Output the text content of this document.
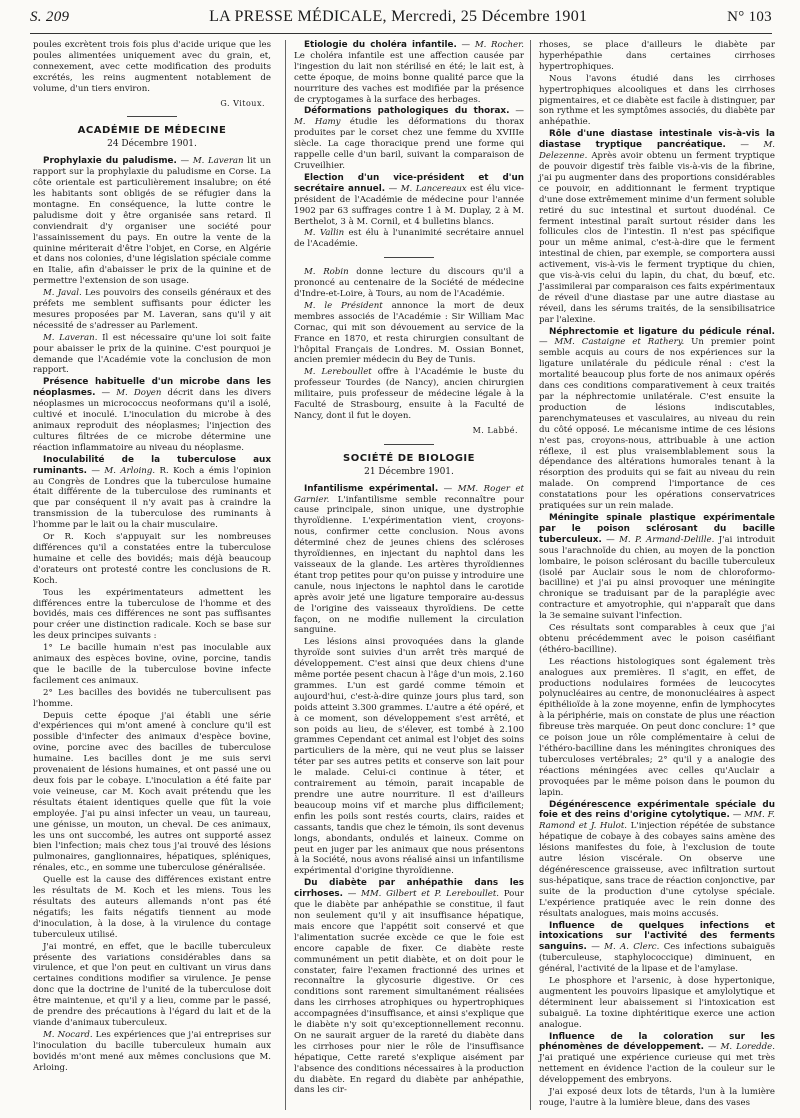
S. 209	LA PRESSE MÉDICALE, Mercredi, 25 Décembre 1901	N° 103

poules excrètent trois fois plus d'acide urique que les poules alimentées uniquement avec du grain, et, connexement, avec cette modification des produits excrétés, les reins augmentent notablement de volume, d'un tiers environ.

G. Vitoux.
ACADÉMIE DE MÉDECINE
24 Décembre 1901.

Prophylaxie du paludisme. — M. Laveran lit un rapport sur la prophylaxie du paludisme en Corse. La côte orientale est particulièrement insalubre; on été les habitants sont obligés de se réfugier dans la montagne. En conséquence, la lutte contre le paludisme doit y être organisée sans retard. Il conviendrait d'y organiser une société pour l'assainissement du pays. En outre la vente de la quinine mériterait d'être l'objet, en Corse, en Algérie et dans nos colonies, d'une législation spéciale comme en Italie, afin d'abaisser le prix de la quinine et de permettre l'extension de son usage.

M. Javal. Les pouvoirs des conseils généraux et des préfets me semblent suffisants pour édicter les mesures proposées par M. Laveran, sans qu'il y ait nécessité de s'adresser au Parlement.

M. Laveran. Il est nécessaire qu'une loi soit faite pour abaisser le prix de la quinine. C'est pourquoi je demande que l'Académie vote la conclusion de mon rapport.

Présence habituelle d'un microbe dans les néoplasmes. — M. Doyen décrit dans les divers néoplasmes un micrococcus neoformans qu'il a isolé, cultivé et inoculé. L'inoculation du microbe à des animaux reproduit des néoplasmes; l'injection des cultures filtrées de ce microbe détermine une réaction inflammatoire au niveau du néoplasme.

Inoculabilité de la tuberculose aux ruminants. — M. Arloing. R. Koch a émis l'opinion au Congrès de Londres que la tuberculose humaine était différente de la tuberculose des ruminants et que par conséquent il n'y avait pas à craindre la transmission de la tuberculose des ruminants à l'homme par le lait ou la chair musculaire.

Or R. Koch s'appuyait sur les nombreuses différences qu'il a constatées entre la tuberculose humaine et celle des bovidés; mais déjà beaucoup d'orateurs ont protesté contre les conclusions de R. Koch.

Tous les expérimentateurs admettent les différences entre la tuberculose de l'homme et des bovidés, mais ces différences ne sont pas suffisantes pour créer une distinction radicale. Koch se base sur les deux principes suivants :

1° Le bacille humain n'est pas inoculable aux animaux des espèces bovine, ovine, porcine, tandis que le bacille de la tuberculose bovine infecte facilement ces animaux.

2° Les bacilles des bovidés ne tuberculisent pas l'homme.

Depuis cette époque j'ai établi une série d'expériences qui m'ont amené à conclure qu'il est possible d'infecter des animaux d'espèce bovine, ovine, porcine avec des bacilles de tuberculose humaine. Les bacilles dont je me suis servi provenaient de lésions humaines, et ont passé une ou deux fois par le cobaye. L'inoculation a été faite par voie veineuse, car M. Koch avait prétendu que les résultats étaient identiques quelle que fût la voie employée. J'ai pu ainsi infecter un veau, un taureau, une génisse, un mouton, un cheval. De ces animaux, les uns ont succombé, les autres ont supporté assez bien l'infection; mais chez tous j'ai trouvé des lésions pulmonaires, ganglionnaires, hépatiques, spléniques, rénales, etc., en somme une tuberculose généralisée.

Quelle est la cause des différences existant entre les résultats de M. Koch et les miens. Tous les résultats des auteurs allemands n'ont pas été négatifs; les faits négatifs tiennent au mode d'inoculation, à la dose, à la virulence du contage tuberculeux utilisé.

J'ai montré, en effet, que le bacille tuberculeux présente des variations considérables dans sa virulence, et que l'on peut en cultivant un virus dans certaines conditions modifier sa virulence. Je pense donc que la doctrine de l'unité de la tuberculose doit être maintenue, et qu'il y a lieu, comme par le passé, de prendre des précautions à l'égard du lait et de la viande d'animaux tuberculeux.

M. Nocard. Les expériences que j'ai entreprises sur l'inoculation du bacille tuberculeux humain aux bovidés m'ont mené aux mêmes conclusions que M. Arloing.

Etiologie du choléra infantile. — M. Rocher. Le choléra infantile est une affection causée par l'ingestion du lait non stérilisé en été; le lait est, à cette époque, de moins bonne qualité parce que la nourriture des vaches est modifiée par la présence de cryptogames à la surface des herbages.

Déformations pathologiques du thorax. — M. Hamy étudie les déformations du thorax produites par le corset chez une femme du XVIIIe siècle. La cage thoracique prend une forme qui rappelle celle d'un baril, suivant la comparaison de Cruveilhier.

Election d'un vice-président et d'un secrétaire annuel. — M. Lancereaux est élu vice-président de l'Académie de médecine pour l'année 1902 par 63 suffrages contre 1 à M. Duplay, 2 à M. Berthelot, 3 à M. Cornil, et 4 bulletins blancs.

M. Vallin est élu à l'unanimité secrétaire annuel de l'Académie.

M. Robin donne lecture du discours qu'il a prononcé au centenaire de la Société de médecine d'Indre-et-Loire, à Tours, au nom de l'Académie.

M. le Président annonce la mort de deux membres associés de l'Académie : Sir William Mac Cornac, qui mit son dévouement au service de la France en 1870, et resta chirurgien consultant de l'hôpital Français de Londres. M. Ossian Bonnet, ancien premier médecin du Bey de Tunis.

M. Lereboullet offre à l'Académie le buste du professeur Tourdes (de Nancy), ancien chirurgien militaire, puis professeur de médecine légale à la Faculté de Strasbourg, ensuite à la Faculté de Nancy, dont il fut le doyen.

M. Labbé.
SOCIÉTÉ DE BIOLOGIE
21 Décembre 1901.

Infantilisme expérimental. — MM. Roger et Garnier. L'infantilisme semble reconnaître pour cause principale, sinon unique, une dystrophie thyroïdienne. L'expérimentation vient, croyons-nous, confirmer cette conclusion. Nous avons déterminé chez de jeunes chiens des scléroses thyroïdiennes, en injectant du naphtol dans les vaisseaux de la glande. Les artères thyroïdiennes étant trop petites pour qu'on puisse y introduire une canule, nous injectons le naphtol dans le carotide après avoir jeté une ligature temporaire au-dessus de l'origine des vaisseaux thyroïdiens. De cette façon, on ne modifie nullement la circulation sanguine.

Les lésions ainsi provoquées dans la glande thyroïde sont suivies d'un arrêt très marqué de développement. C'est ainsi que deux chiens d'une même portée pesent chacun à l'âge d'un mois, 2.160 grammes. L'un est gardé comme témoin et aujourd'hui, c'est-à-dire quinze jours plus tard, son poids atteint 3.300 grammes. L'autre a été opéré, et à ce moment, son développement s'est arrêté, et son poids au lieu, de s'élever, est tombé à 2.100 grammes Cependant cet animal est l'objet des soins particuliers de la mère, qui ne veut plus se laisser téter par ses autres petits et conserve son lait pour le malade. Celui-ci continue à téter, et contrairement au témoin, parait incapable de prendre une autre nourriture. Il est d'ailleurs beaucoup moins vif et marche plus difficilement; enfin les poils sont restés courts, clairs, raides et cassants, tandis que chez le témoin, ils sont devenus longs, abondants, ondulés et laineux. Comme on peut en juger par les animaux que nous présentons à la Société, nous avons réalisé ainsi un infantilisme expérimental d'origine thyroïdienne.

Du diabète par anhépathie dans les cirrhoses. — MM. Gilbert et P. Lereboullet. Pour que le diabète par anhépathie se constitue, il faut non seulement qu'il y ait insuffisance hépatique, mais encore que l'appétit soit conservé et que l'alimentation sucrée excède ce que le foie est encore capable de fixer. Ce diabète reste communément un petit diabète, et on doit pour le constater, faire l'examen fractionné des urines et reconnaître la glycosurie digestive. Or ces conditions sont rarement simultanément réalisées dans les cirrhoses atrophiques ou hypertrophiques accompagnées d'insuffisance, et ainsi s'explique que le diabète n'y soit qu'exceptionnellement reconnu. On ne saurait arguer de la rareté du diabète dans les cirrhoses pour nier le rôle de l'insuffisance hépatique, Cette rareté s'explique aisément par l'absence des conditions nécessaires à la production du diabète. En regard du diabète par anhépathie, dans les cir-

rhoses, se place d'ailleurs le diabète par hyperhépathie dans certaines cirrhoses hypertrophiques.

Nous l'avons étudié dans les cirrhoses hypertrophiques alcooliques et dans les cirrhoses pigmentaires, et ce diabète est facile à distinguer, par son rythme et les symptômes associés, du diabète par anhépathie.

Rôle d'une diastase intestinale vis-à-vis la diastase tryptique pancréatique. — M. Delezenne. Après avoir obtenu un ferment tryptique de pouvoir digestif très faible vis-à-vis de la fibrine, j'ai pu augmenter dans des proportions considérables ce pouvoir, en additionnant le ferment tryptique d'une dose extrêmement minime d'un ferment soluble retiré du suc intestinal et surtout duodénal. Ce ferment intestinal paraît surtout résider dans les follicules clos de l'intestin. Il n'est pas spécifique pour un même animal, c'est-à-dire que le ferment intestinal de chien, par exemple, se comportera aussi activement, vis-à-vis le ferment tryptique du chien, que vis-à-vis celui du lapin, du chat, du bœuf, etc. J'assimilerai par comparaison ces faits expérimentaux de réveil d'une diastase par une autre diastase au réveil, dans les sérums traités, de la sensibilisatrice par l'alexine.

Néphrectomie et ligature du pédicule rénal. — MM. Castaigne et Rathery. Un premier point semble acquis au cours de nos expériences sur la ligature unilatérale du pédicule rénal : c'est la mortalité beaucoup plus forte de nos animaux opérés dans ces conditions comparativement à ceux traités par la néphrectomie unilatérale. C'est ensuite la production de lésions indiscutables, parenchymateuses et vasculaires, au niveau du rein du côté opposé. Le mécanisme intime de ces lésions n'est pas, croyons-nous, attribuable à une action réflexe, il est plus vraisemblablement sous la dépendance des altérations humorales tenant à la résorption des produits qui se fait au niveau du rein malade. On comprend l'importance de ces constatations pour les opérations conservatrices pratiquées sur un rein malade.

Méningite spinale plastique expérimentale par le poison sclérosant du bacille tuberculeux. — M. P. Armand-Delille. J'ai introduit sous l'arachnoïde du chien, au moyen de la ponction lombaire, le poison sclérosant du bacille tuberculeux (isolé par Auclair sous le nom de chloroformo-bacilline) et j'ai pu ainsi provoquer une méningite chronique se traduisant par de la paraplégie avec contracture et amyotrophie, qui n'apparaît que dans la 3e semaine suivant l'infection.

Ces résultats sont comparables à ceux que j'ai obtenu précédemment avec le poison caséifiant (éthéro-bacilline).

Les réactions histologiques sont également très analogues aux premières. Il s'agit, en effet, de productions nodulaires formées de leucocytes polynucléaires au centre, de mononucléaires à aspect épithélioïde à la zone moyenne, enfin de lymphocytes à la périphérie, mais on constate de plus une réaction fibreuse très marquée. On peut donc conclure: 1° que ce poison joue un rôle complémentaire à celui de l'éthéro-bacilline dans les méningites chroniques des tuberculoses vertébrales; 2° qu'il y a analogie des réactions méningées avec celles qu'Auclair a provoquées par le même poison dans le poumon du lapin.

Dégénérescence expérimentale spéciale du foie et des reins d'origine cytolytique. — MM. F. Ramond et J. Hulot. L'injection répétée de substance hépatique de cobaye à des cobayes sains amène des lésions manifestes du foie, à l'exclusion de toute autre lésion viscérale. On observe une dégénérescence graisseuse, avec infiltration surtout sus-hépatique, sans trace de réaction conjonctive, par suite de la production d'une cytolyse spéciale. L'expérience pratiquée avec le rein donne des résultats analogues, mais moins accusés.

Influence de quelques infections et intoxications sur l'activité des ferments sanguins. — M. A. Clerc. Ces infections subaiguës (tuberculeuse, staphylococcique) diminuent, en général, l'activité de la lipase et de l'amylase.

Le phosphore et l'arsenic, à dose hypertonique, augmentent les pouvoirs lipasique et amylolytique et déterminent leur abaissement si l'intoxication est subaiguë. La toxine diphtéritique exerce une action analogue.

Influence de la coloration sur les phénomènes de développement. — M. Loredde. J'ai pratiqué une expérience curieuse qui met très nettement en évidence l'action de la couleur sur le développement des embryons.

J'ai exposé deux lots de têtards, l'un à la lumière rouge, l'autre à la lumière bleue, dans des vases
